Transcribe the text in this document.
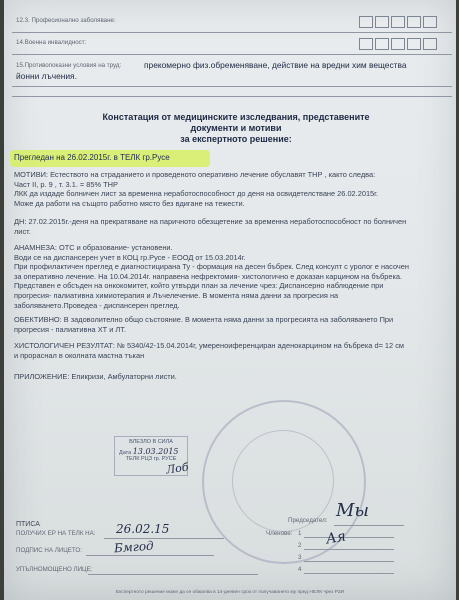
12.3. Професионално заболяване:
14.Военна инвалидност:
15.Противопоказни условия на труд:	прекомерно физ.обременяване, действие на вредни хим вещества
йонни лъчения.
Констатация от медицинските изследвания, представените документи и мотиви
за експертното решение:
Прегледан на 26.02.2015г. в ТЕЛК гр.Русе
МОТИВИ: Естеството на страданието и проведеното оперативно лечение обуславят ТНР , както следва:
Част II, р. 9 , т. 3.1. = 85% ТНР
ЛКК да издаде болничен лист за временна неработоспособност до деня на освидетелстване 26.02.2015г.
Може да работи на същото работно място без вдигане на тежести.
ДН: 27.02.2015г.-деня на прекратяване на паричното обезщетение за временна неработоспособност по болничен
лист.
АНАМНЕЗА: ОТС и образование- установени.
Води се на диспансерен учет в КОЦ гр.Русе - ЕООД от 15.03.2014г.
При профилактичен преглед е диагностицирана Ту - формация на десен бъбрек. След консулт с уролог е насочен
за оперативно лечение. На 10.04.2014г. направена нефректомия- хистологично е доказан карцином на бъбрека.
Представен е обсъден на онкокомитет, който утвърди план за лечение чрез: Диспансерно наблюдение при
прогресия- палиативна химиотерапия и Лъчелечение. В момента няма данни за прогресия на
заболяването.Проведеа - диспансерен преглед.
ОБЕКТИВНО: В задоволително общо състояние. В момента няма данни за прогресията на заболяването При
прогресия - палиативна ХТ и ЛТ.
ХИСТОЛОГИЧЕН РЕЗУЛТАТ: № 5340/42-15.04.2014г, умереноиференциран аденокарцином на бъбрека d= 12 см
и прораснал в околната мастна тъкан
ПРИЛОЖЕНИЕ: Епикризи, Амбулаторни листи.
ВЛЕЗЛО В СИЛА
Дата 13.03.2015
ТЕЛК РЦЗ гр. РУСЕ
Лоб
ПТИСА
ПОЛУЧИХ ЕР НА ТЕЛК НА: 26.02.15
ПОДПИС НА ЛИЦЕТО:	Бмгод
УПЪЛНОМОЩЕНО ЛИЦЕ:
Председател: Мы
Членове: 1
2
3
4
Ая
Експертното решение може да се обжалва в 14-дневен срок от получаването му пред НЕЛК чрез РЗИ
